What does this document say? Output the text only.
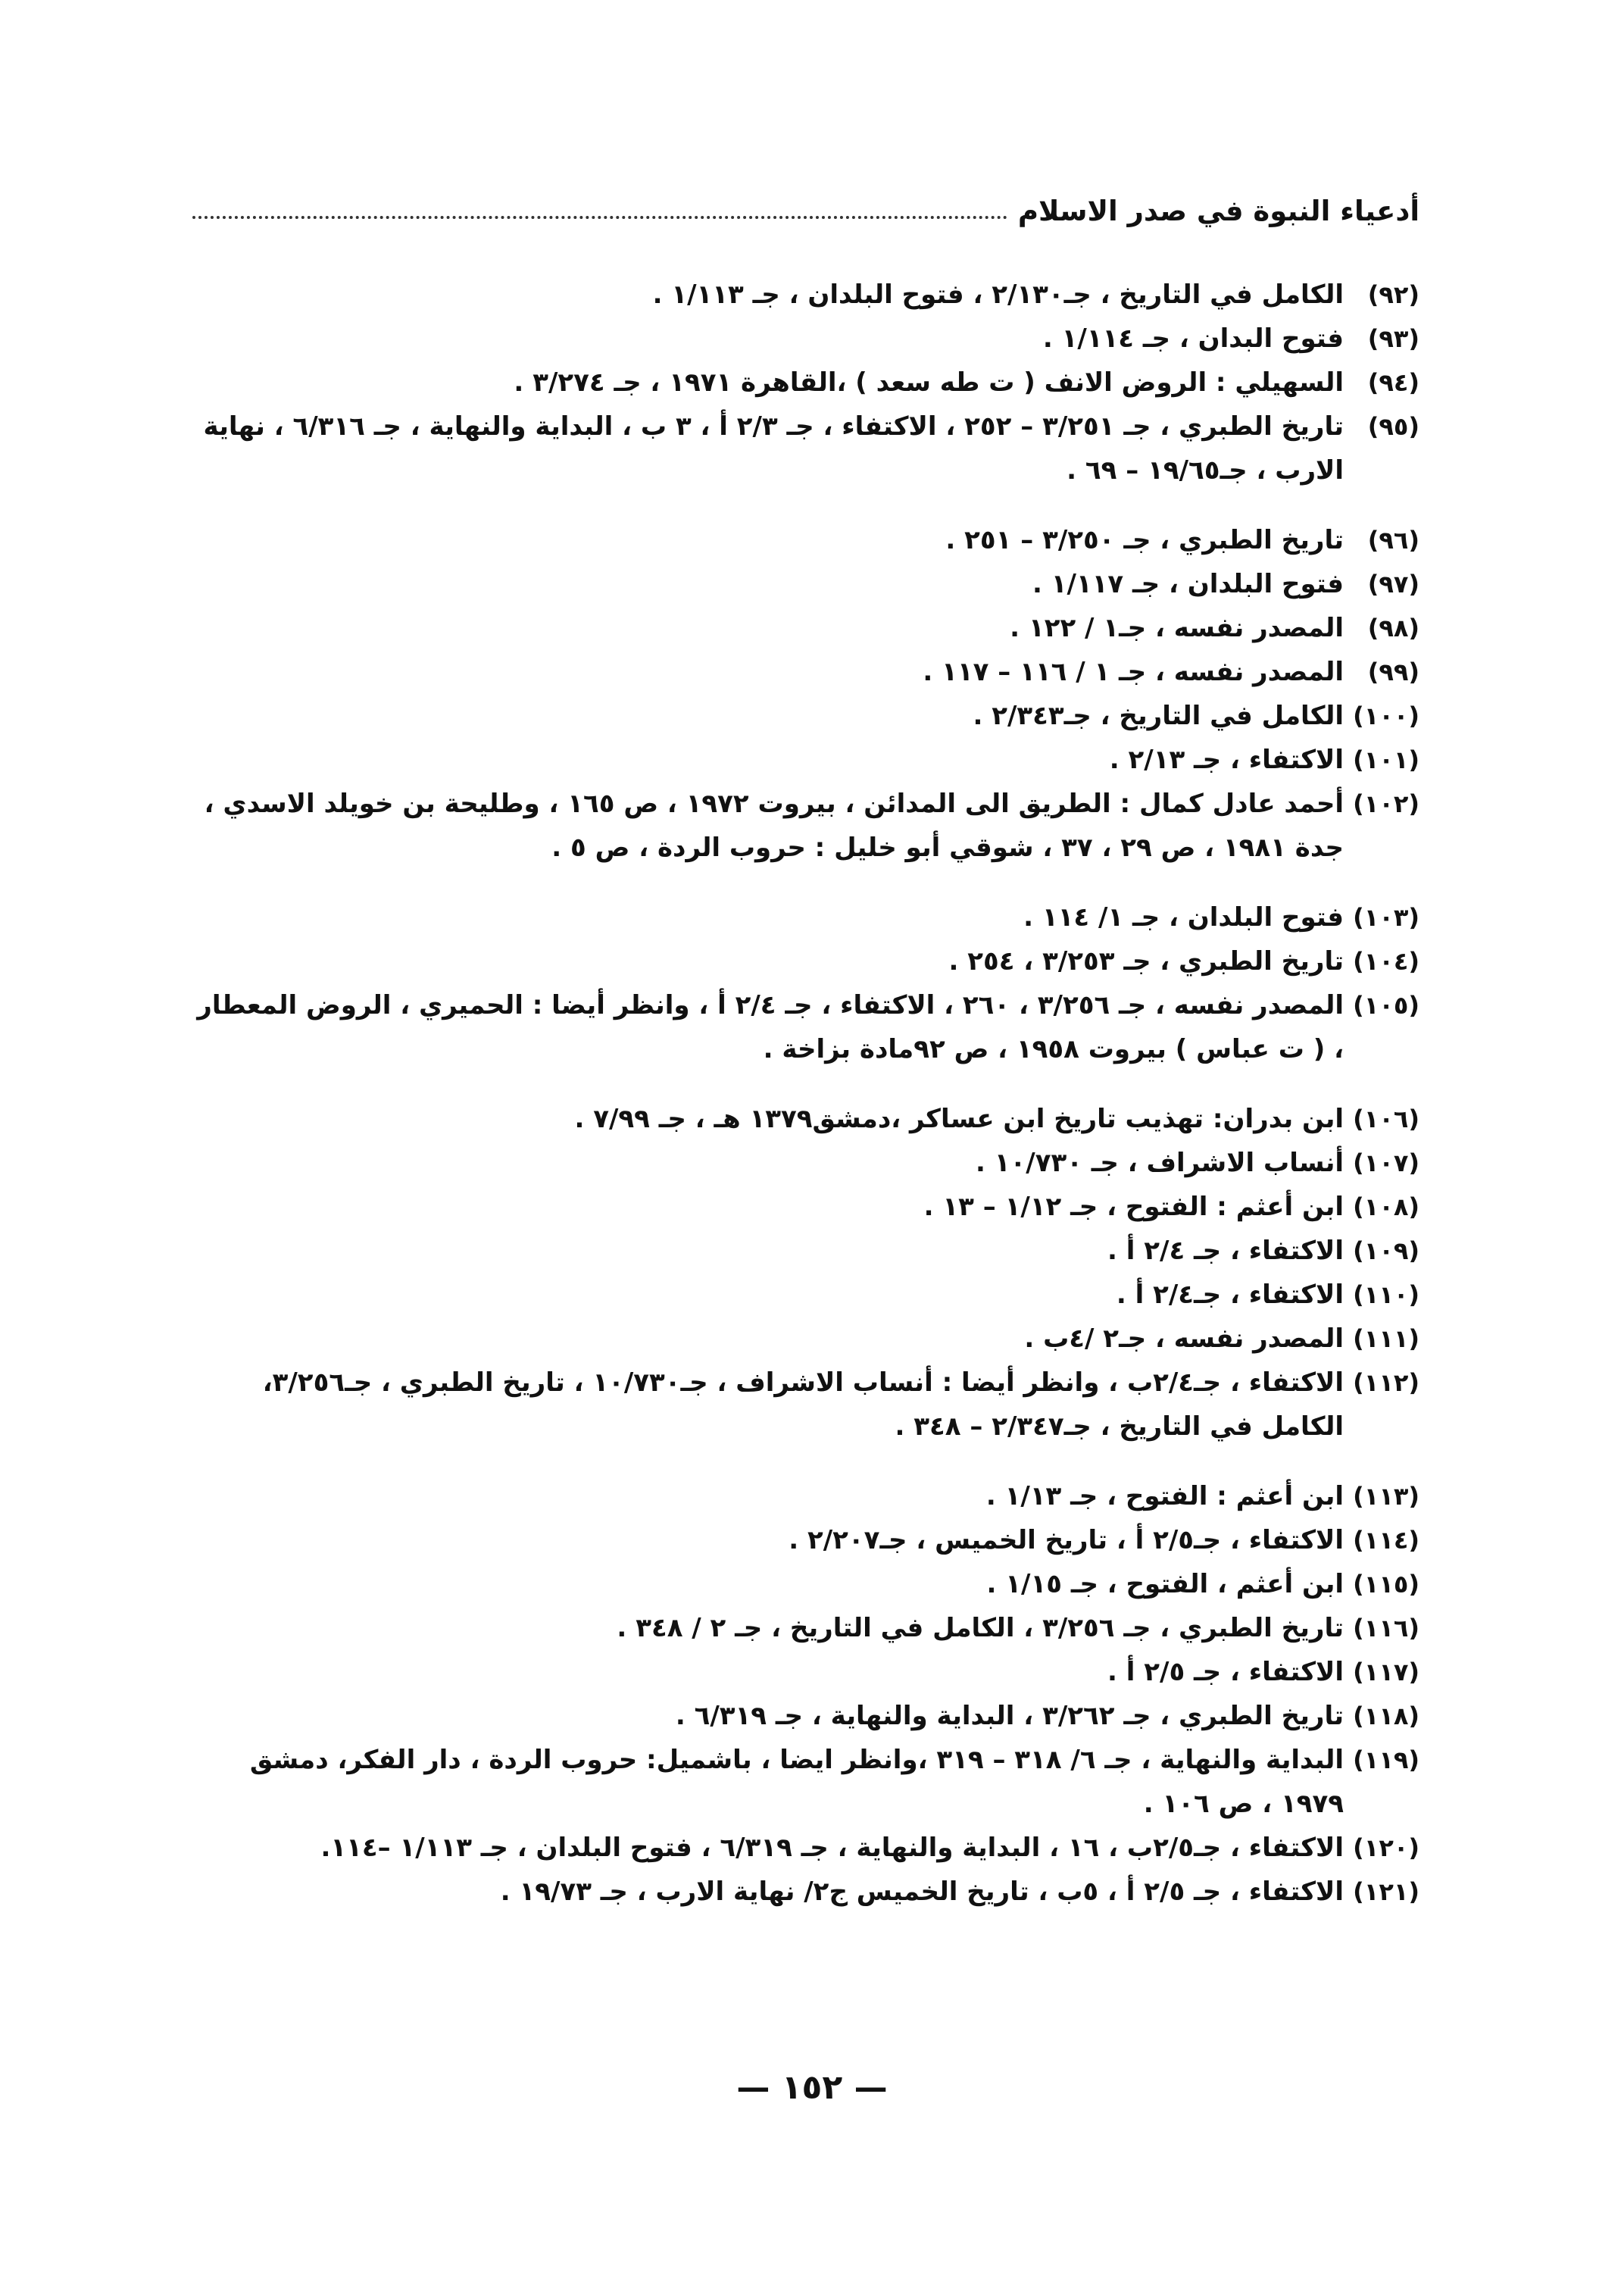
أدعياء النبوة في صدر الاسلام
(٩٢)
الكامل في التاريخ ، جـ٢/١٣٠ ، فتوح البلدان ، جـ ١/١١٣ .
(٩٣)
فتوح البدان ، جـ ١/١١٤ .
(٩٤)
السهيلي : الروض الانف ( ت طه سعد ) ،القاهرة ١٩٧١ ، جـ ٣/٢٧٤ .
(٩٥)
تاريخ الطبري ، جـ ٣/٢٥١ – ٢٥٢ ، الاكتفاء ، جـ ٢/٣ أ ، ٣ ب ، البداية والنهاية ، جـ ٦/٣١٦ ، نهاية الارب ، جـ١٩/٦٥ – ٦٩ .
(٩٦)
تاريخ الطبري ، جـ ٣/٢٥٠ – ٢٥١ .
(٩٧)
فتوح البلدان ، جـ ١/١١٧ .
(٩٨)
المصدر نفسه ، جـ١ / ١٢٢ .
(٩٩)
المصدر نفسه ، جـ ١ / ١١٦ – ١١٧ .
(١٠٠)
الكامل في التاريخ ، جـ٢/٣٤٣ .
(١٠١)
الاكتفاء ، جـ ٢/١٣ .
(١٠٢)
أحمد عادل كمال : الطريق الى المدائن ، بيروت ١٩٧٢ ، ص ١٦٥ ، وطليحة بن خويلد الاسدي ، جدة ١٩٨١ ، ص ٢٩ ، ٣٧ ، شوقي أبو خليل : حروب الردة ، ص ٥ .
(١٠٣)
فتوح البلدان ، جـ ١/ ١١٤ .
(١٠٤)
تاريخ الطبري ، جـ ٣/٢٥٣ ، ٢٥٤ .
(١٠٥)
المصدر نفسه ، جـ ٣/٢٥٦ ، ٢٦٠ ، الاكتفاء ، جـ ٢/٤ أ ، وانظر أيضا : الحميري ، الروض المعطار ، ( ت عباس ) بيروت ١٩٥٨ ، ص ٩٢مادة بزاخة .
(١٠٦)
ابن بدران: تهذيب تاريخ ابن عساكر ،دمشق١٣٧٩ هـ ، جـ ٧/٩٩ .
(١٠٧)
أنساب الاشراف ، جـ ١٠/٧٣٠ .
(١٠٨)
ابن أعثم : الفتوح ، جـ ١/١٢ – ١٣ .
(١٠٩)
الاكتفاء ، جـ ٢/٤ أ .
(١١٠)
الاكتفاء ، جـ٢/٤ أ .
(١١١)
المصدر نفسه ، جـ٢ /٤ب .
(١١٢)
الاكتفاء ، جـ٢/٤ب ، وانظر أيضا : أنساب الاشراف ، جـ١٠/٧٣٠ ، تاريخ الطبري ، جـ٣/٢٥٦، الكامل في التاريخ ، جـ٢/٣٤٧ – ٣٤٨ .
(١١٣)
ابن أعثم : الفتوح ، جـ ١/١٣ .
(١١٤)
الاكتفاء ، جـ٢/٥ أ ، تاريخ الخميس ، جـ٢/٢٠٧ .
(١١٥)
ابن أعثم ، الفتوح ، جـ ١/١٥ .
(١١٦)
تاريخ الطبري ، جـ ٣/٢٥٦ ، الكامل في التاريخ ، جـ ٢ / ٣٤٨ .
(١١٧)
الاكتفاء ، جـ ٢/٥ أ .
(١١٨)
تاريخ الطبري ، جـ ٣/٢٦٢ ، البداية والنهاية ، جـ ٦/٣١٩ .
(١١٩)
البداية والنهاية ، جـ ٦/ ٣١٨ – ٣١٩ ،وانظر ايضا ، باشميل: حروب الردة ، دار الفكر، دمشق ١٩٧٩ ، ص ١٠٦ .
(١٢٠)
الاكتفاء ، جـ٢/٥ب ، ١٦ ، البداية والنهاية ، جـ ٦/٣١٩ ، فتوح البلدان ، جـ ١/١١٣ –١١٤.
(١٢١)
الاكتفاء ، جـ ٢/٥ أ ، ٥ب ، تاريخ الخميس ج٢/ نهاية الارب ، جـ ١٩/٧٣ .
— ١٥٢ —
